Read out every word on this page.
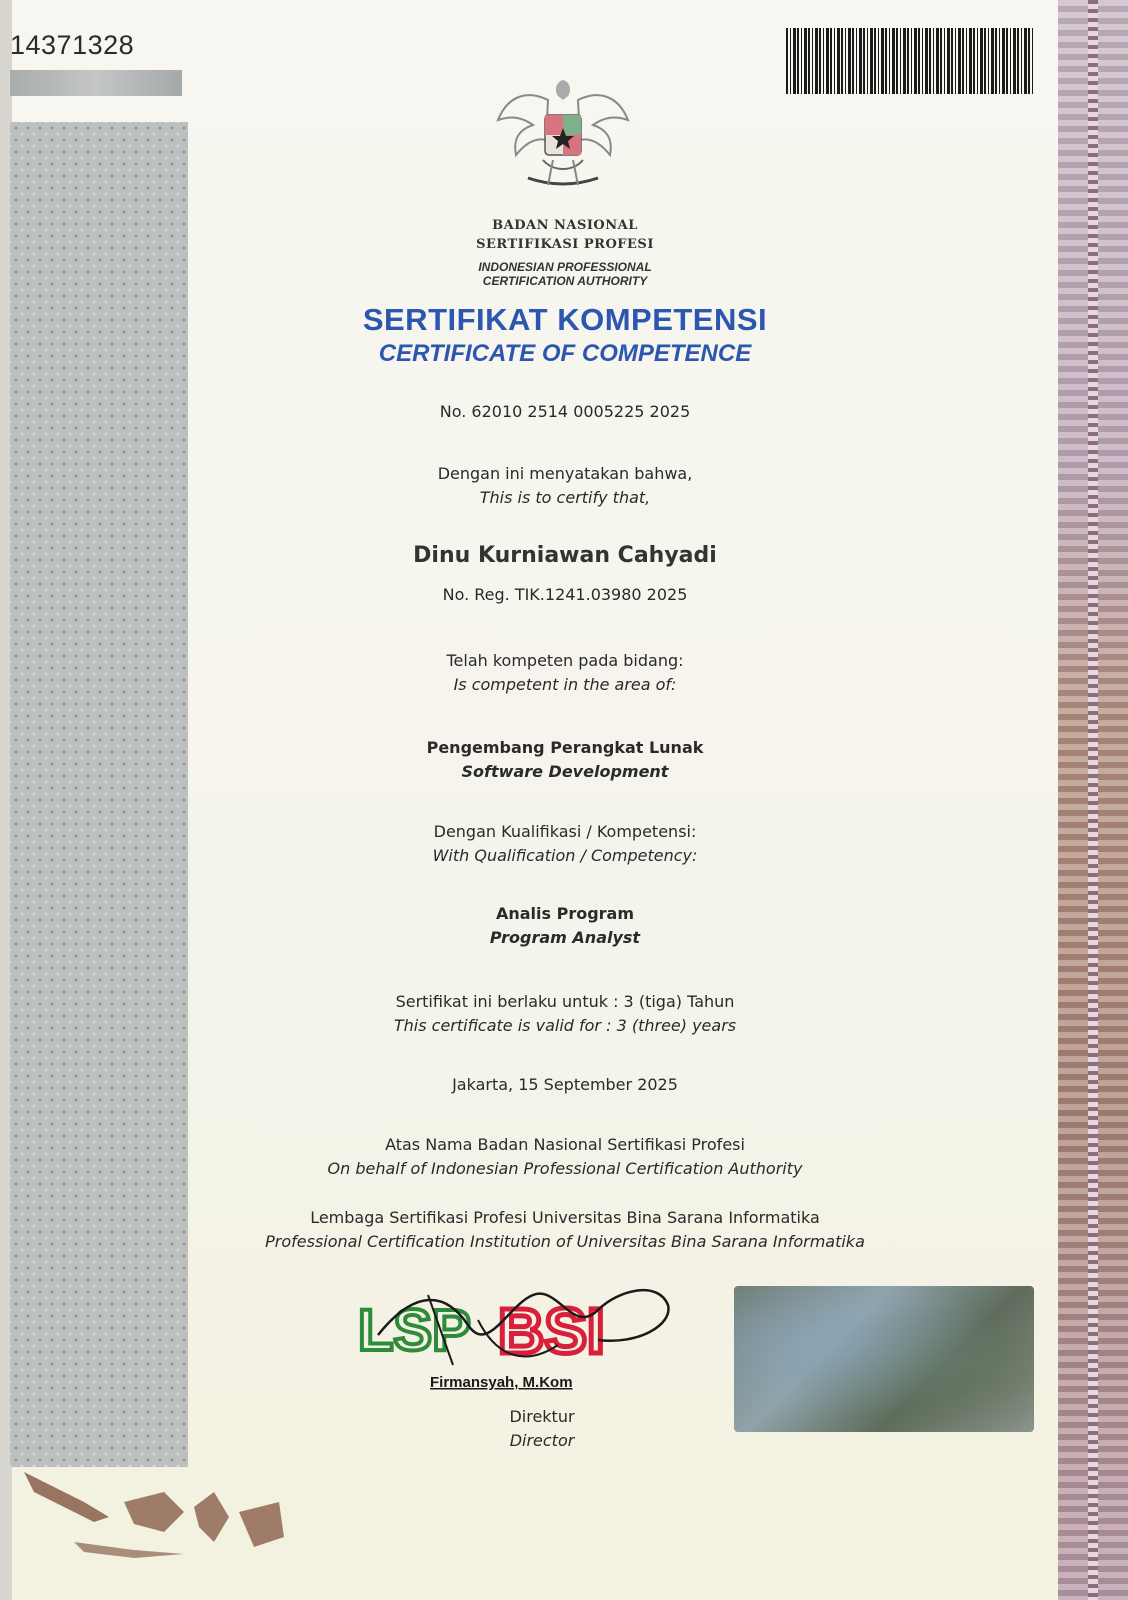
14371328
BADAN NASIONAL
SERTIFIKASI PROFESI
INDONESIAN PROFESSIONAL
CERTIFICATION AUTHORITY
SERTIFIKAT KOMPETENSI
CERTIFICATE OF COMPETENCE
No. 62010 2514 0005225 2025
Dengan ini menyatakan bahwa,
This is to certify that,
Dinu Kurniawan Cahyadi
No. Reg. TIK.1241.03980 2025
Telah kompeten pada bidang:
Is competent in the area of:
Pengembang Perangkat Lunak
Software Development
Dengan Kualifikasi / Kompetensi:
With Qualification / Competency:
Analis Program
Program Analyst
Sertifikat ini berlaku untuk : 3 (tiga) Tahun
This certificate is valid for : 3 (three) years
Jakarta, 15 September 2025
Atas Nama Badan Nasional Sertifikasi Profesi
On behalf of Indonesian Professional Certification Authority
Lembaga Sertifikasi Profesi Universitas Bina Sarana Informatika
Professional Certification Institution of Universitas Bina Sarana Informatika
LSP BSI
Firmansyah, M.Kom
Direktur
Director
